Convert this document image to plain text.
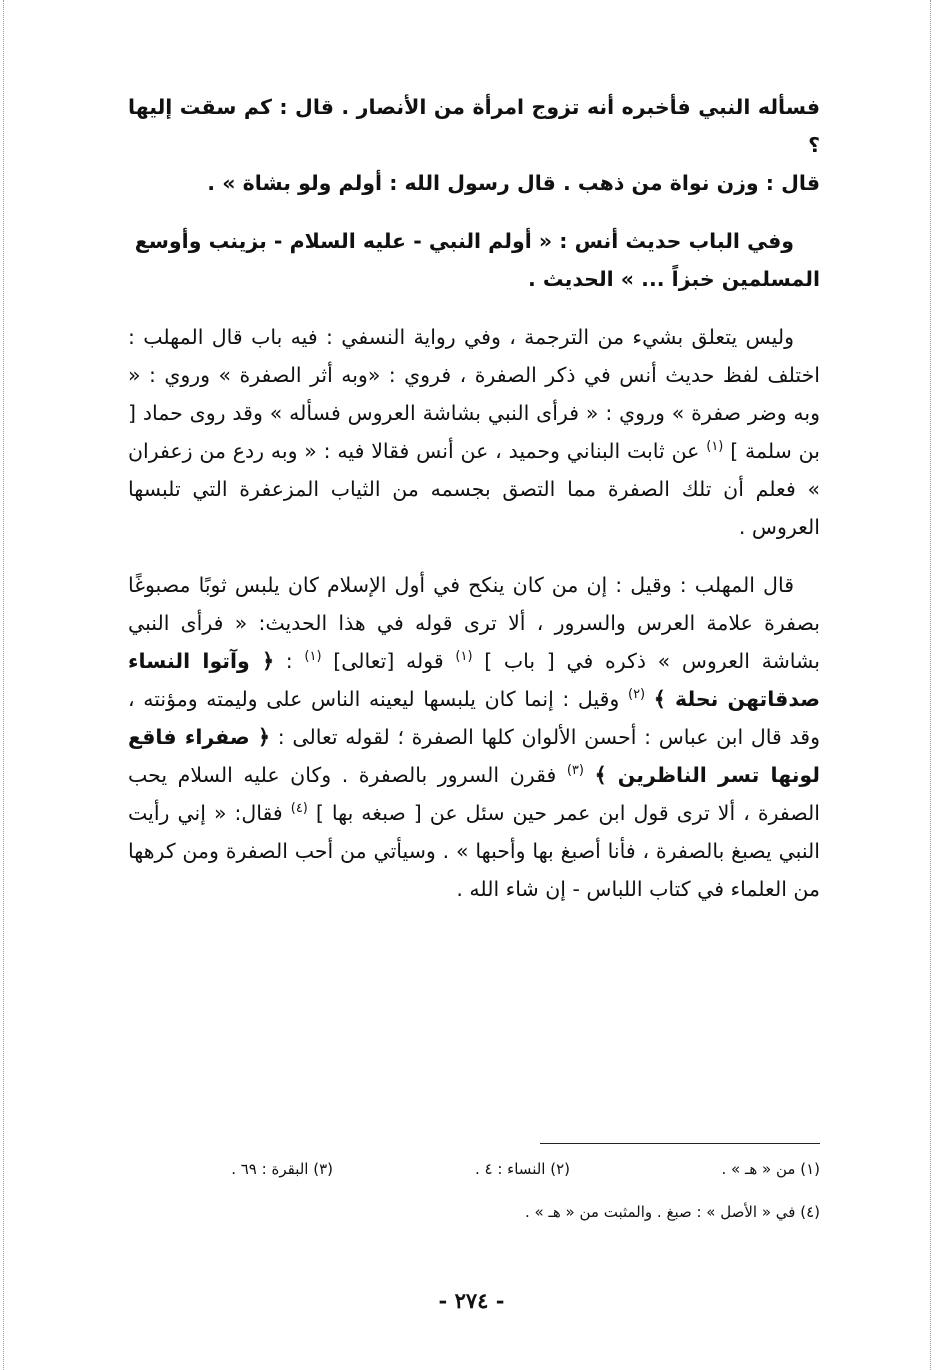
فسأله النبي فأخبره أنه تزوج امرأة من الأنصار . قال : كم سقت إليها ؟
قال : وزن نواة من ذهب . قال رسول الله : أولم ولو بشاة » .

وفي الباب حديث أنس : « أولم النبي - عليه السلام - بزينب وأوسع
المسلمين خبزاً ... » الحديث .

وليس يتعلق بشيء من الترجمة ، وفي رواية النسفي : فيه باب قال المهلب : اختلف لفظ حديث أنس في ذكر الصفرة ، فروي : «وبه أثر الصفرة » وروي : « وبه وضر صفرة » وروي : « فرأى النبي بشاشة العروس فسأله » وقد روى حماد [ بن سلمة ] $^{(١)}$ عن ثابت البناني وحميد ، عن أنس فقالا فيه : « وبه ردع من زعفران » فعلم أن تلك الصفرة مما التصق بجسمه من الثياب المزعفرة التي تلبسها العروس .

قال المهلب : وقيل : إن من كان ينكح في أول الإسلام كان يلبس ثوبًا مصبوغًا بصفرة علامة العرس والسرور ، ألا ترى قوله في هذا الحديث: « فرأى النبي بشاشة العروس » ذكره في [ باب ] $^{(١)}$ قوله [تعالى] $^{(١)}$ : ﴿ وآتوا النساء صدقاتهن نحلة ﴾ $^{(٢)}$ وقيل : إنما كان يلبسها ليعينه الناس على وليمته ومؤنته ، وقد قال ابن عباس : أحسن الألوان كلها الصفرة ؛ لقوله تعالى : ﴿ صفراء فاقع لونها تسر الناظرين ﴾ $^{(٣)}$ فقرن السرور بالصفرة . وكان عليه السلام يحب الصفرة ، ألا ترى قول ابن عمر حين سئل عن [ صبغه بها ] $^{(٤)}$ فقال: « إني رأيت النبي يصبغ بالصفرة ، فأنا أصبغ بها وأحبها » . وسيأتي من أحب الصفرة ومن كرهها من العلماء في كتاب اللباس - إن شاء الله .

(١) من « هـ » .
(٢) النساء : ٤ .
(٣) البقرة : ٦٩ .
(٤) في « الأصل » : صبغ . والمثبت من « هـ » .
- ٢٧٤ -
